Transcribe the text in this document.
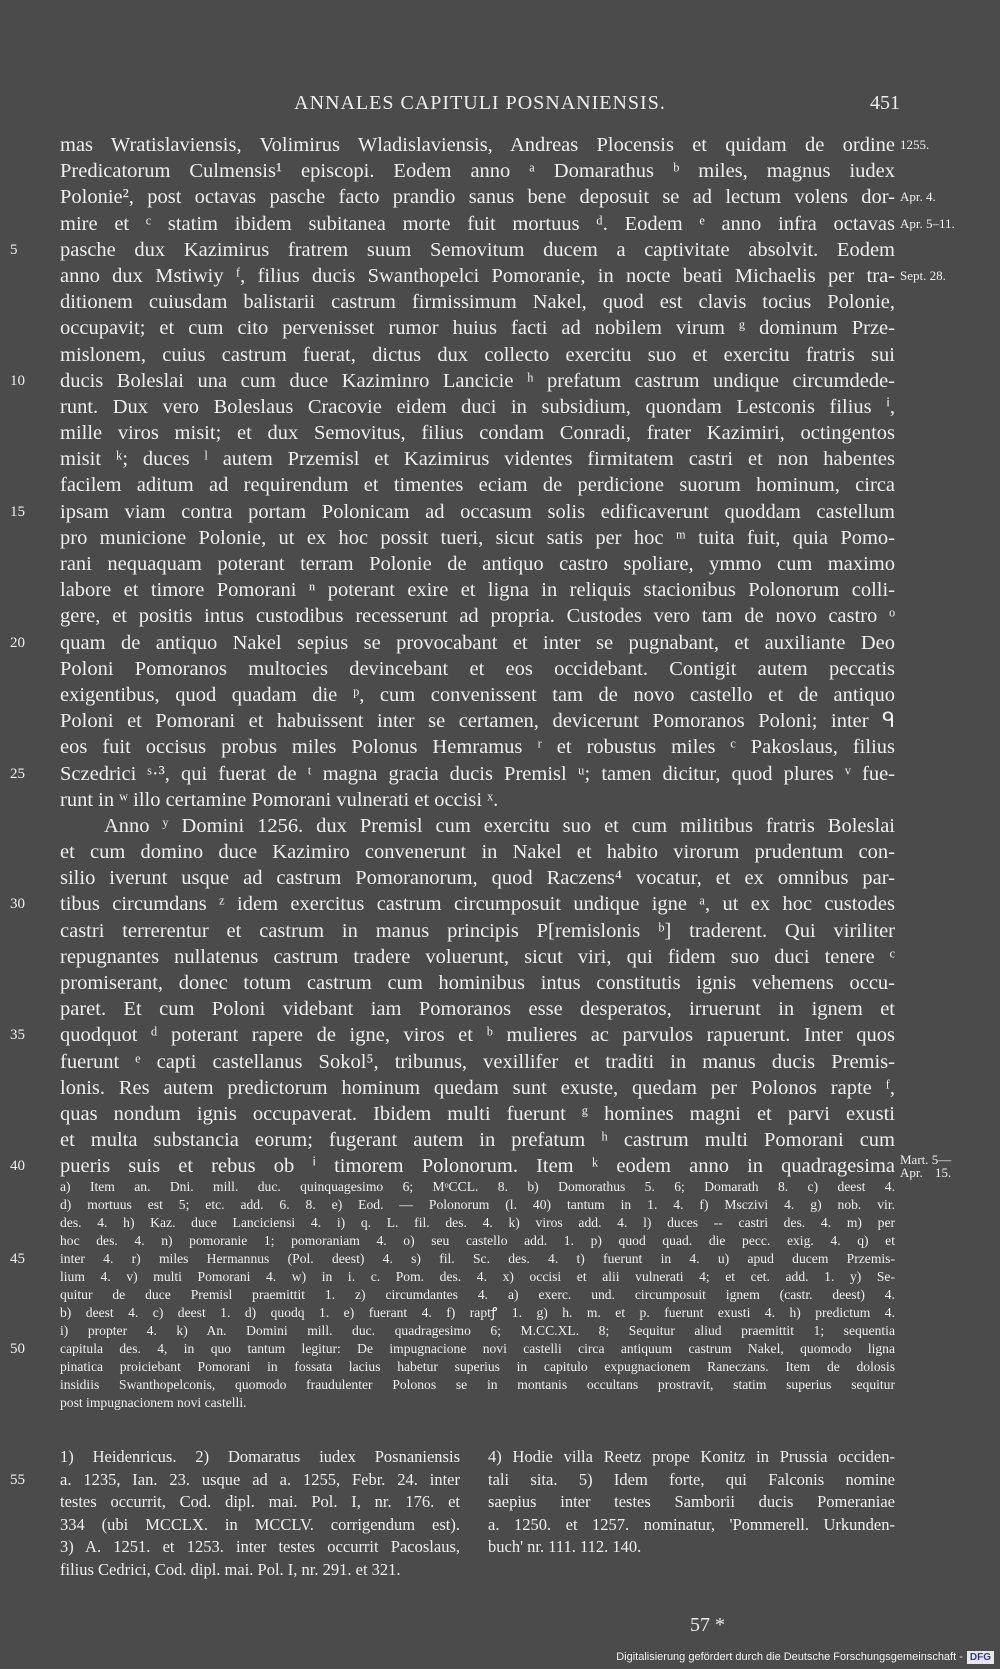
ANNALES CAPITULI POSNANIENSIS.	451
mas Wratislaviensis, Volimirus Wladislaviensis, Andreas Plocensis et quidam de ordine 1255.
Predicatorum Culmensis¹ episcopi. Eodem anno ᵃ Domarathus ᵇ miles, magnus iudex
Polonie², post octavas pasche facto prandio sanus bene deposuit se ad lectum volens dor- Apr. 4.
mire et ᶜ statim ibidem subitanea morte fuit mortuus ᵈ. Eodem ᵉ anno infra octavas Apr. 5–11.
5	pasche dux Kazimirus fratrem suum Semovitum ducem a captivitate absolvit. Eodem
anno dux Mstiwiy ᶠ, filius ducis Swanthopelci Pomoranie, in nocte beati Michaelis per tra- Sept. 28.
ditionem cuiusdam balistarii castrum firmissimum Nakel, quod est clavis tocius Polonie,
occupavit; et cum cito pervenisset rumor huius facti ad nobilem virum ᵍ dominum Prze-
mislonem, cuius castrum fuerat, dictus dux collecto exercitu suo et exercitu fratris sui
10	ducis Boleslai una cum duce Kaziminro Lancicie ʰ prefatum castrum undique circumdede-
runt. Dux vero Boleslaus Cracovie eidem duci in subsidium, quondam Lestconis filius ⁱ,
mille viros misit; et dux Semovitus, filius condam Conradi, frater Kazimiri, octingentos
misit ᵏ; duces ˡ autem Przemisl et Kazimirus videntes firmitatem castri et non habentes
facilem aditum ad requirendum et timentes eciam de perdicione suorum hominum, circa
15	ipsam viam contra portam Polonicam ad occasum solis edificaverunt quoddam castellum
pro municione Polonie, ut ex hoc possit tueri, sicut satis per hoc ᵐ tuita fuit, quia Pomo-
rani nequaquam poterant terram Polonie de antiquo castro spoliare, ymmo cum maximo
labore et timore Pomorani ⁿ poterant exire et ligna in reliquis stacionibus Polonorum colli-
gere, et positis intus custodibus recesserunt ad propria. Custodes vero tam de novo castro ᵒ
20	quam de antiquo Nakel sepius se provocabant et inter se pugnabant, et auxiliante Deo
Poloni Pomoranos multocies devincebant et eos occidebant. Contigit autem peccatis
exigentibus, quod quadam die ᵖ, cum convenissent tam de novo castello et de antiquo
Poloni et Pomorani et habuissent inter se certamen, devicerunt Pomoranos Poloni; inter ᑫ
eos fuit occisus probus miles Polonus Hemramus ʳ et robustus miles ᶜ Pakoslaus, filius
25	Sczedrici ˢ·³, qui fuerat de ᵗ magna gracia ducis Premisl ᵘ; tamen dicitur, quod plures ᵛ fue-
runt in ʷ illo certamine Pomorani vulnerati et occisi ˣ.
Anno ʸ Domini 1256. dux Premisl cum exercitu suo et cum militibus fratris Boleslai
et cum domino duce Kazimiro convenerunt in Nakel et habito virorum prudentum con-
silio iverunt usque ad castrum Pomoranorum, quod Raczens⁴ vocatur, et ex omnibus par-
30	tibus circumdans ᶻ idem exercitus castrum circumposuit undique igne ᵃ, ut ex hoc custodes
castri terrerentur et castrum in manus principis P[remislonis ᵇ] traderent. Qui viriliter
repugnantes nullatenus castrum tradere voluerunt, sicut viri, qui fidem suo duci tenere ᶜ
promiserant, donec totum castrum cum hominibus intus constitutis ignis vehemens occu-
paret. Et cum Poloni videbant iam Pomoranos esse desperatos, irruerunt in ignem et
35	quodquot ᵈ poterant rapere de igne, viros et ᵇ mulieres ac parvulos rapuerunt. Inter quos
fuerunt ᵉ capti castellanus Sokol⁵, tribunus, vexillifer et traditi in manus ducis Premis-
lonis. Res autem predictorum hominum quedam sunt exuste, quedam per Polonos rapte ᶠ,
quas nondum ignis occupaverat. Ibidem multi fuerunt ᵍ homines magni et parvi exusti
et multa substancia eorum; fugerant autem in prefatum ʰ castrum multi Pomorani cum
40	pueris suis et rebus ob ⁱ timorem Polonorum. Item ᵏ eodem anno in quadragesima Mart. 5—
Apr. 15.
a) Item an. Dni. mill. duc. quinquagesimo 6; MᵒCCL. 8. b) Domorathus 5. 6; Domarath 8. c) deest 4.
d) mortuus est 5; etc. add. 6. 8. e) Eod. — Polonorum (l. 40) tantum in 1. 4. f) Msczivi 4. g) nob. vir.
des. 4. h) Kaz. duce Lanciciensi 4. i) q. L. fil. des. 4. k) viros add. 4. l) duces -- castri des. 4. m) per
hoc des. 4. n) pomoranie 1; pomoraniam 4. o) seu castello add. 1. p) quod quad. die pecc. exig. 4. q) et
45	inter 4. r) miles Hermannus (Pol. deest) 4. s) fil. Sc. des. 4. t) fuerunt in 4. u) apud ducem Przemis-
lium 4. v) multi Pomorani 4. w) in i. c. Pom. des. 4. x) occisi et alii vulnerati 4; et cet. add. 1. y) Se-
quitur de duce Premisl praemittit 1. z) circumdantes 4. a) exerc. und. circumposuit ignem (castr. deest) 4.
b) deest 4. c) deest 1. d) quodq 1. e) fuerant 4. f) raptꝭ 1. g) h. m. et p. fuerunt exusti 4. h) predictum 4.
i) propter 4. k) An. Domini mill. duc. quadragesimo 6; M.CC.XL. 8; Sequitur aliud praemittit 1; sequentia
50	capitula des. 4, in quo tantum legitur: De impugnacione novi castelli circa antiquum castrum Nakel, quomodo ligna
pinatica proiciebant Pomorani in fossata lacius habetur superius in capitulo expugnacionem Raneczans. Item de dolosis
insidiis Swanthopelconis, quomodo fraudulenter Polonos se in montanis occultans prostravit, statim superius sequitur
post impugnacionem novi castelli.
1) Heidenricus. 2) Domaratus iudex Posnaniensis
55	a. 1235, Ian. 23. usque ad a. 1255, Febr. 24. inter
testes occurrit, Cod. dipl. mai. Pol. I, nr. 176. et
334 (ubi MCCLX. in MCCLV. corrigendum est).
3) A. 1251. et 1253. inter testes occurrit Pacoslaus,
filius Cedrici, Cod. dipl. mai. Pol. I, nr. 291. et 321.
4) Hodie villa Reetz prope Konitz in Prussia occiden-
tali sita. 5) Idem forte, qui Falconis nomine
saepius inter testes Samborii ducis Pomeraniae
a. 1250. et 1257. nominatur, 'Pommerell. Urkunden-
buch' nr. 111. 112. 140.
57 *
Digitalisierung gefördert durch die Deutsche Forschungsgemeinschaft - DFG
